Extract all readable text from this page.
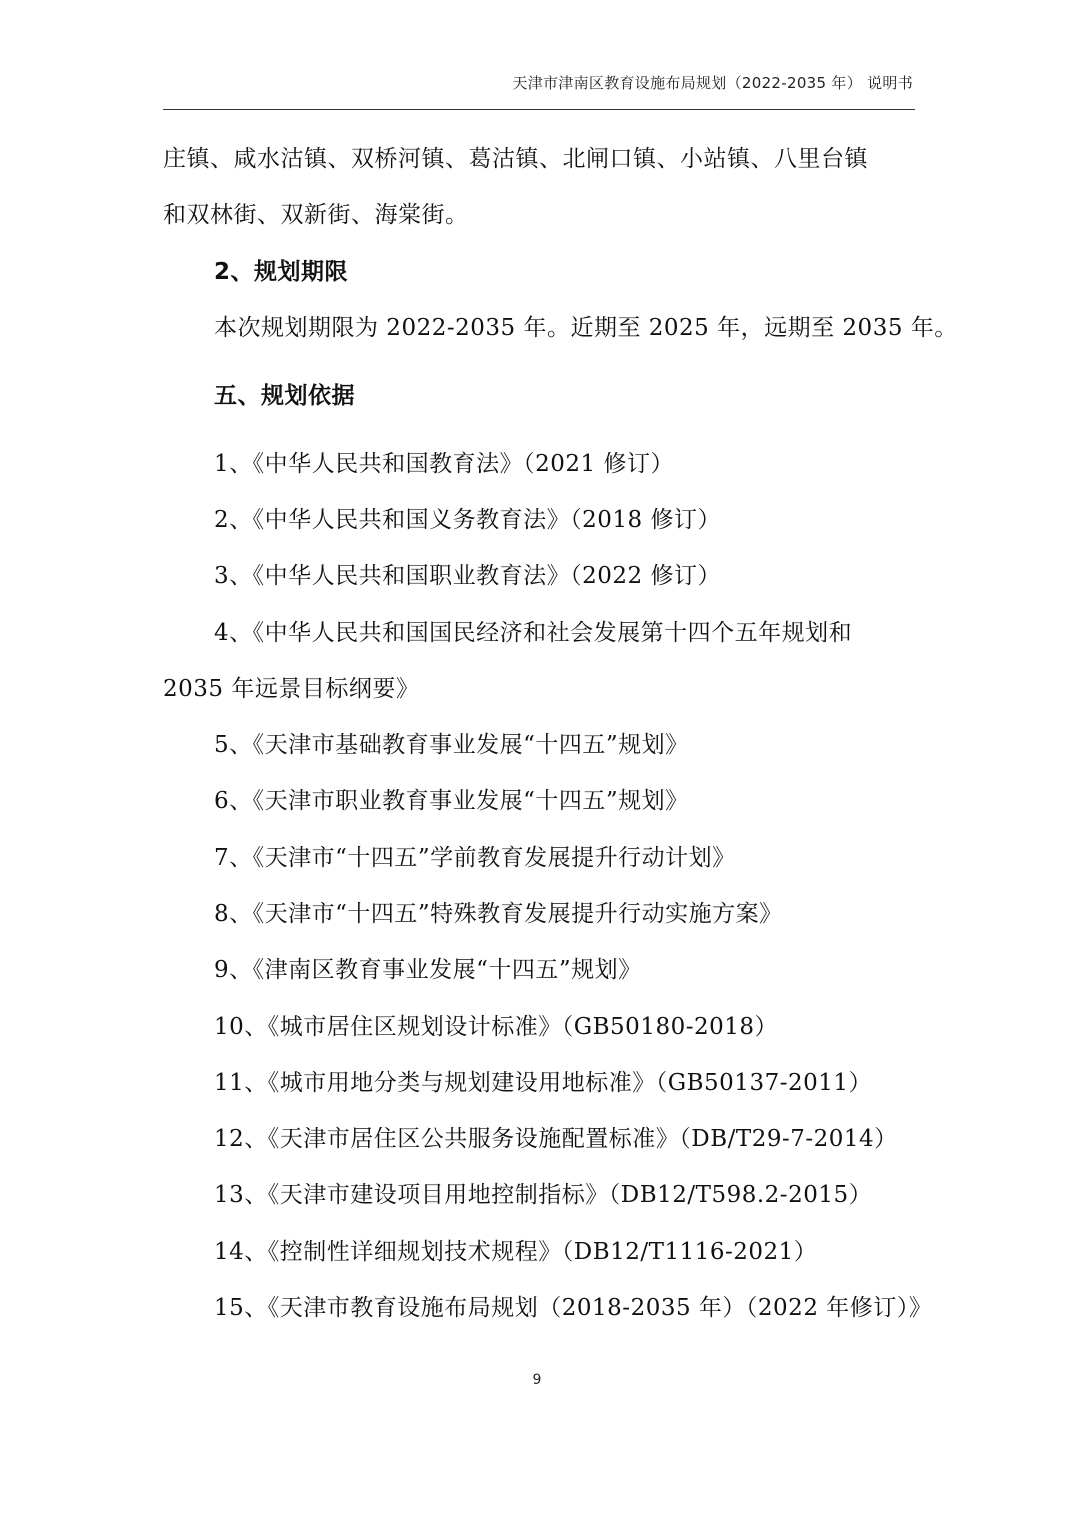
天津市津南区教育设施布局规划（2022-2035 年） 说明书
庄镇、咸水沽镇、双桥河镇、葛沽镇、北闸口镇、小站镇、八里台镇
和双林街、双新街、海棠街。
2、规划期限
本次规划期限为 2022-2035 年。近期至 2025 年，远期至 2035 年。
五、规划依据
1、《中华人民共和国教育法》（2021 修订）
2、《中华人民共和国义务教育法》（2018 修订）
3、《中华人民共和国职业教育法》（2022 修订）
4、《中华人民共和国国民经济和社会发展第十四个五年规划和
2035 年远景目标纲要》
5、《天津市基础教育事业发展“十四五”规划》
6、《天津市职业教育事业发展“十四五”规划》
7、《天津市“十四五”学前教育发展提升行动计划》
8、《天津市“十四五”特殊教育发展提升行动实施方案》
9、《津南区教育事业发展“十四五”规划》
10、《城市居住区规划设计标准》（GB50180-2018）
11、《城市用地分类与规划建设用地标准》（GB50137-2011）
12、《天津市居住区公共服务设施配置标准》（DB/T29-7-2014）
13、《天津市建设项目用地控制指标》（DB12/T598.2-2015）
14、《控制性详细规划技术规程》（DB12/T1116-2021）
15、《天津市教育设施布局规划（2018-2035 年）（2022 年修订）》
9
